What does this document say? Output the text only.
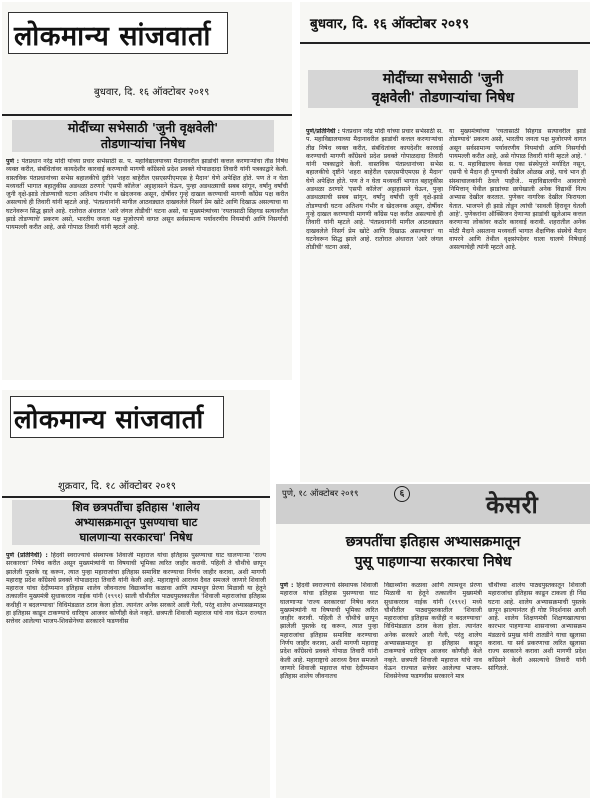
लोकमान्य सांजवार्ता
बुधवार, दि. १६ ऑक्टोबर २०१९
मोदींच्या सभेसाठी 'जुनी वृक्षवेली'
तोडणाऱ्यांचा निषेध
पुणे : पंतप्रधान नरेंद्र मोदी यांच्या प्रचार सभेसाठी स. प. महाविद्यालयाच्या मैदानावरील झाडांची कत्तल करणाऱ्यांचा तीव्र निषेध व्यक्त करीत, संबंधितांवर कायदेशीर कारवाई करण्याची मागणी काँग्रेसचे प्रदेश प्रवक्ते गोपाळदादा तिवारी यांनी पत्रकाद्वारे केली. वास्तविक पंतप्रधानांच्या सभेस बहालकीचे दृष्टीने 'शहरा बाहेरील एसएसपीएमएस हे मैदान' घेणे अपेक्षित होते. पण ते न घेता मध्यवर्ती भागात बहातुकीस अडथळा ठरणारे 'एसपी कॉलेज' अट्टाहासाने घेऊन, पुन्हा अडथळ्याची सबब सांगून, वर्षांनु वर्षांची जुनी वृक्षे-झाडे तोडण्याची घटना अतिशय गंभीर व खेदजनक असून, दोषींवर गुन्हे दाखल करण्याची मागणी काँग्रेस पक्ष करीत असल्याचे ही तिवारी यांनी म्हटले आहे. 'पंतप्रधानांनी मागील आठवड्यात दाखवलेले निसर्ग प्रेम खोटे आणि दिखाऊ असल्याचा या घटनेवरून सिद्ध झाले आहे. रातोरात अंधारात 'आरे जंगल तोडीची' घटना असो, या मुख्यमंत्र्यांच्या 'रयतासाठी सिहगड सत्यावरील झाडे तोडण्याचे' प्रकरण असो, भारतीय जनता पक्ष मुजोरपणे वागत असून सर्वसामान्य पर्यावरणीय नियमांची आणि निसर्गाची पायमल्ली करीत आहे, असे गोपाळ तिवारी यांनी म्हटले आहे.
बुधवार, दि. १६ ऑक्टोबर २०१९
मोदींच्या सभेसाठी 'जुनी
वृक्षवेली' तोडणाऱ्यांचा निषेध
पुणे/प्रतिनिधी : पंतप्रधान नरेंद्र मोदी यांच्या प्रचार सभेसाठी स. प. महाविद्यालयाच्या मैदानावरील झाडांची कत्तल करणाऱ्यांचा तीव्र निषेध व्यक्त करीत, संबंधितांवर कायदेशीर कारवाई करण्याची मागणी काँग्रेसचे प्रदेश प्रवक्ते गोपाळदादा तिवारी यांनी पत्रकाद्वारे केली. वास्तविक पंतप्रधानांच्या सभेस बहालकीचे दृष्टीने 'शहरा बाहेरील एसएसपीएमएस हे मैदान' घेणे अपेक्षित होते. पण ते न घेता मध्यवर्ती भागात बहातुकीस अडथळा ठरणारे 'एसपी कॉलेज' अट्टाहासाने घेऊन, पुन्हा अडथळ्याची सबब सांगून, वर्षांनु वर्षांची जुनी वृक्षे-झाडे तोडण्याची घटना अतिशय गंभीर व खेदजनक असून, दोषींवर गुन्हे दाखल करण्याची मागणी काँग्रेस पक्ष करीत असल्याचे ही तिवारी यांनी म्हटले आहे. 'पंतप्रधानांनी मागील आठवड्यात दाखवलेले निसर्ग प्रेम खोटे आणि दिखाऊ असल्याचा' या घटनेवरून सिद्ध झाले आहे. रातोरात अंधारात 'आरे जंगल तोडीची' घटना असो,
या मुख्यमंत्र्यांच्या 'रयतासाठी सिहगड सत्यावरील झाडे तोडण्याचे' प्रकरण असो, भारतीय जनता पक्ष मुजोरपणे वागत असून सर्वसामान्य पर्यावरणीय नियमांची आणि निसर्गाची पायमल्ली करीत आहे, असे गोपाळ तिवारी यांनी म्हटले आहे. ' स. प. महाविद्यालय केवळ एका संस्थेपुरते मर्यादित नसून, एसपी चे मैदान ही पुण्याची देखील ओळख आहे, याचे भान ही संस्थाचालकांनी ठेवले पाहीजे.. महाविद्यालयीन आवाराचे निमित्तान् येथील झाडांच्या छायेखाली अनेक विद्यार्थी नित्य अभ्यास देखील करतात. पुणेकर नागरिक देखील फिरायला येतात. भाजपने ही झाडे तोडून त्यांची 'सावली हिरावून घेतली आहे'. पुणेकरांना ऑक्सिजन देणाऱ्या झाडांची खुलेआम कत्तल करणाऱ्या लोकांवर कठोर कारवाई करावी. शहरातील अनेक मोठी मैदाने असताना मध्यवर्ती भागात शैक्षणिक संस्थेचे मैदान वापरने आणि तेथील वृक्षसंपदेवर घाला घालणे निषेधार्ह असल्याचेही त्यांनी म्हटले आहे.
लोकमान्य सांजवार्ता
शुक्रवार, दि. १८ ऑक्टोबर २०१९
शिव छत्रपतींचा इतिहास 'शालेय
अभ्यासक्रमातून पुसण्याचा घाट
घालणाऱ्या सरकारचा' निषेध
पुणे (प्रतिनिधी) : हिंदवी स्वराज्याचे संस्थापक शिवाजी महाराज यांचा इतिहास पुसण्याचा घाट घालणाऱ्या 'राज्य सरकारचा' निषेध करीत असून मुख्यमंत्र्यांनी या विषयाची भूमिका त्वरित जाहीर करावी. पहिली ते चौथीचे छापून झालेली पुस्तके रद्द करून, त्यात पुन्हा महाराजांचा इतिहास समाविष्ट करण्याचा निर्णय जाहीर करावा, अशी मागणी महाराष्ट्र प्रदेश काँग्रेसचे प्रवक्ते गोपाळदादा तिवारी यांनी केली आहे. महाराष्ट्राचे आराध्य दैवत समजले जाणारे शिवाजी महाराज यांचा देदीप्यमान इतिहास शालेय जीवनातच विद्यार्थ्यांना कळावा आणि त्यामधून प्रेरणा मिळावी या हेतूने तत्कालीन मुख्यमंत्री सुधाकरराव नाईक यांनी (१९९१) साली चौथीतील पाठ्यपुस्तकातील 'शिवाजी महाराजांचा इतिहास कधीही न बदलण्याचा' विधिमंडळात ठराव केला होता. त्यानंतर अनेक सरकारे आली गेली, परंतु शालेय अभ्यासक्रमातून हा इतिहास काढून टाकण्याचे धारिष्ट्य आजवर कोणीही केले नव्हते. छत्रपती शिवाजी महाराज यांचे नाव घेऊन राज्यात सत्तेवर आलेल्या भाजप-शिवसेनेच्या सरकारने फडणवीस
पुणे, १८ ऑक्टोबर २०१९	६	केसरी
छत्रपतींचा इतिहास अभ्यासक्रमातून
पुसू पाहणाऱ्या सरकारचा निषेध
पुणे : हिंदवी स्वराज्याचे संस्थापक शिवाजी महाराज यांचा इतिहास पुसण्याचा घाट घालणाऱ्या 'राज्य सरकारचा' निषेध करत मुख्यमंत्र्यांनी या विषयाची भूमिका त्वरित जाहीर करावी. पहिली ते चौथीचे छापून झालेली पुस्तके रद्द करून, त्यात पुन्हा महाराजांचा इतिहास समाविष्ट करण्याचा निर्णय जाहीर करावा, अशी मागणी महाराष्ट्र प्रदेश काँग्रेसचे प्रवक्ते गोपाळ तिवारी यांनी केली आहे. महाराष्ट्राचे आराध्य दैवत समजले जाणारे शिवाजी महाराज यांचा देदीप्यमान इतिहास शालेय जीवनातच
विद्यार्थ्यांना कळावा आणि त्यामधून प्रेरणा मिळावी या हेतूने तत्कालीन मुख्यमंत्री सुधाकरराव नाईक यांनी (१९९१) मध्ये चौथीतील पाठ्यपुस्तकातील 'शिवाजी महाराजांचा इतिहास कधीही न बदलण्याचा' विधिमंडळात ठराव केला होता. त्यानंतर अनेक सरकारे आली गेली, परंतु शालेय अभ्यासक्रमातून हा इतिहास काढून टाकण्याचे धारिष्ट्य आजवर कोणीही केले नव्हते. छत्रपती शिवाजी महाराज यांचे नाव घेऊन राज्यात सत्तेवर आलेल्या भाजप-शिवसेनेच्या फडणवीस सरकारने मात्र
चौथीच्या शालेय पाठ्यपुस्तकातून शिवाजी महाराजांचा इतिहास काढून टाकला ही निंद्य घटना आहे. शालेय अभ्यासक्रमाची पुस्तके छापून झाल्यानंतर ही गोष्ट निदर्शनास आली आहे. शालेय शिक्षणमंत्री शिक्षणखात्याचा कारभार पाहणाऱ्या शासनाच्या अभ्यासक्रम मंडळाचे प्रमुख यांनी तातडीने याचा खुलासा करावा. या सर्व प्रकरणाचा त्वरित खुलासा राज्य सरकारने करावा अशी मागणी प्रदेश काँग्रेसने केली असल्याचे तिवारी यांनी सांगितले.
